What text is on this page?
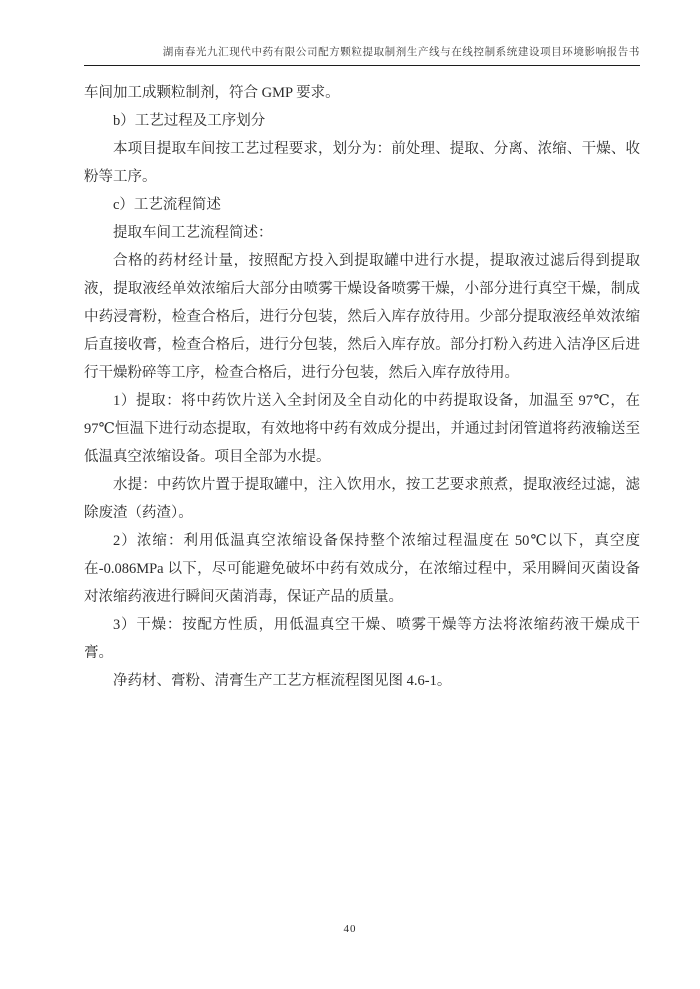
湖南春光九汇现代中药有限公司配方颗粒提取制剂生产线与在线控制系统建设项目环境影响报告书

车间加工成颗粒制剂，符合 GMP 要求。

b）工艺过程及工序划分

本项目提取车间按工艺过程要求，划分为：前处理、提取、分离、浓缩、干燥、收粉等工序。

c）工艺流程简述

提取车间工艺流程简述：

合格的药材经计量，按照配方投入到提取罐中进行水提，提取液过滤后得到提取液，提取液经单效浓缩后大部分由喷雾干燥设备喷雾干燥，小部分进行真空干燥，制成中药浸膏粉，检查合格后，进行分包装，然后入库存放待用。少部分提取液经单效浓缩后直接收膏，检查合格后，进行分包装，然后入库存放。部分打粉入药进入洁净区后进行干燥粉碎等工序，检查合格后，进行分包装，然后入库存放待用。

1）提取：将中药饮片送入全封闭及全自动化的中药提取设备，加温至 97℃，在 97℃恒温下进行动态提取，有效地将中药有效成分提出，并通过封闭管道将药液输送至低温真空浓缩设备。项目全部为水提。

水提：中药饮片置于提取罐中，注入饮用水，按工艺要求煎煮，提取液经过滤，滤除废渣（药渣）。

2）浓缩：利用低温真空浓缩设备保持整个浓缩过程温度在 50℃以下，真空度在-0.086MPa 以下，尽可能避免破坏中药有效成分，在浓缩过程中，采用瞬间灭菌设备对浓缩药液进行瞬间灭菌消毒，保证产品的质量。

3）干燥：按配方性质，用低温真空干燥、喷雾干燥等方法将浓缩药液干燥成干膏。

净药材、膏粉、清膏生产工艺方框流程图见图 4.6-1。

40
